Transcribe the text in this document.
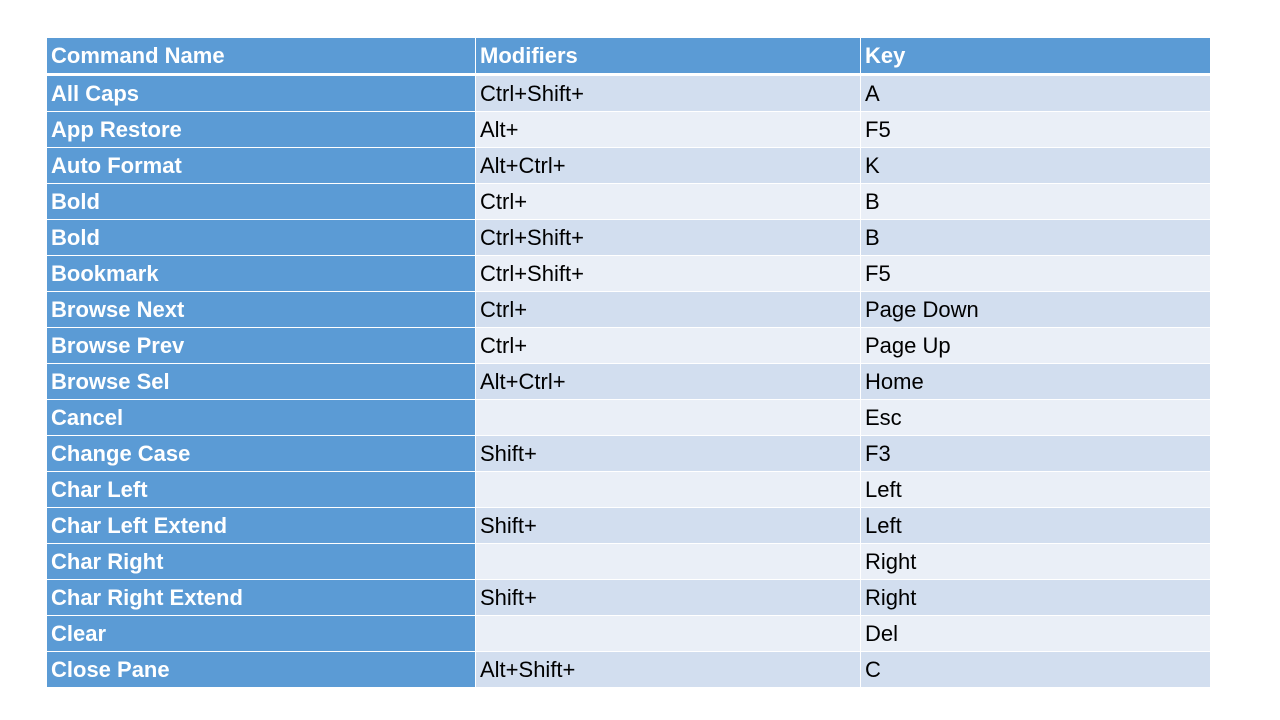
Command Name	Modifiers	Key
All Caps	Ctrl+Shift+	A
App Restore	Alt+	F5
Auto Format	Alt+Ctrl+	K
Bold	Ctrl+	B
Bold	Ctrl+Shift+	B
Bookmark	Ctrl+Shift+	F5
Browse Next	Ctrl+	Page Down
Browse Prev	Ctrl+	Page Up
Browse Sel	Alt+Ctrl+	Home
Cancel		Esc
Change Case	Shift+	F3
Char Left		Left
Char Left Extend	Shift+	Left
Char Right		Right
Char Right Extend	Shift+	Right
Clear		Del
Close Pane	Alt+Shift+	C
